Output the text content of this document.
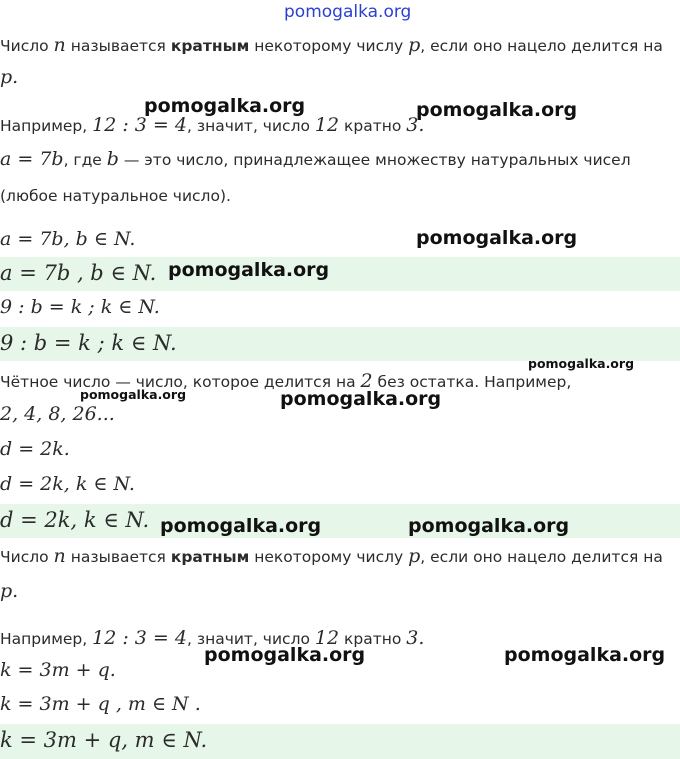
pomogalka.org
Число n называется кратным некоторому числу p, если оно нацело делится на
p.
Например, 12 : 3 = 4, значит, число 12 кратно 3.
a = 7b, где b — это число, принадлежащее множеству натуральных чисел
(любое натуральное число).
a = 7b, b ∈ N.
a = 7b , b ∈ N.
9 : b = k ; k ∈ N.
9 : b = k ; k ∈ N.
Чётное число — число, которое делится на 2 без остатка. Например,
2, 4, 8, 26...
d = 2k.
d = 2k, k ∈ N.
d = 2k, k ∈ N.
Число n называется кратным некоторому числу p, если оно нацело делится на
p.
Например, 12 : 3 = 4, значит, число 12 кратно 3.
k = 3m + q.
k = 3m + q , m ∈ N .
k = 3m + q, m ∈ N.
pomogalka.org	pomogalka.org
pomogalka.org
pomogalka.org
pomogalka.org
pomogalka.org	pomogalka.org
pomogalka.org	pomogalka.org
pomogalka.org	pomogalka.org
